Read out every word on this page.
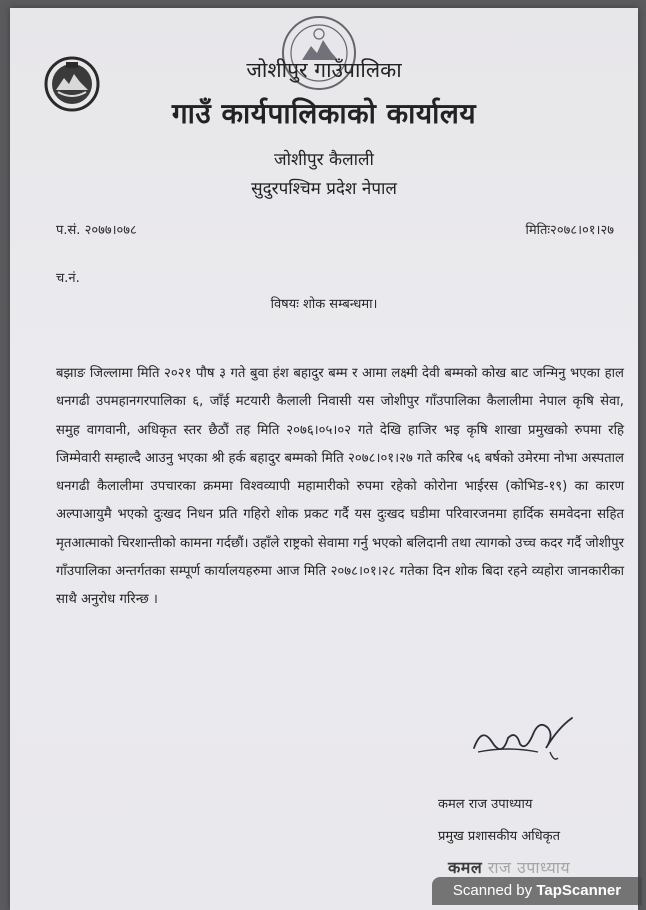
जोशीपुर गाउँपालिका
गाउँ कार्यपालिकाको कार्यालय
जोशीपुर कैलाली
सुदुरपश्चिम प्रदेश नेपाल
प.सं. २०७७।०७८	मितिः२०७८।०१।२७
च.नं.
विषयः शोक सम्बन्धमा।
बझाङ जिल्लामा मिति २०२१ पौष ३ गते बुवा हंश बहादुर बम्म र आमा लक्ष्मी देवी बम्मको कोख बाट जन्मिनु भएका हाल धनगढी उपमहानगरपालिका ६, जाँई मटयारी कैलाली निवासी यस जोशीपुर गाँउपालिका कैलालीमा नेपाल कृषि सेवा, समुह वागवानी, अधिकृत स्तर छैठौं तह मिति २०७६।०५।०२ गते देखि हाजिर भइ कृषि शाखा प्रमुखको रुपमा रहि जिम्मेवारी सम्हाल्दै आउनु भएका श्री हर्क बहादुर बम्मको मिति २०७८।०१।२७ गते करिब ५६ बर्षको उमेरमा नोभा अस्पताल धनगढी कैलालीमा उपचारका क्रममा विश्वव्यापी महामारीको रुपमा रहेको कोरोना भाईरस (कोभिड-१९) का कारण अल्पाआयुमै भएको दुःखद निधन प्रति गहिरो शोक प्रकट गर्दै यस दुःखद घडीमा परिवारजनमा हार्दिक समवेदना सहित मृतआत्माको चिरशान्तीको कामना गर्दछौं। उहाँले राष्ट्रको सेवामा गर्नु भएको बलिदानी तथा त्यागको उच्च कदर गर्दै जोशीपुर गाँउपालिका अन्तर्गतका सम्पूर्ण कार्यालयहरुमा आज मिति २०७८।०१।२८ गतेका दिन शोक बिदा रहने व्यहोरा जानकारीका साथै अनुरोध गरिन्छ ।
कमल राज उपाध्याय
प्रमुख प्रशासकीय अधिकृत
कमल राज उपाध्याय
Scanned by TapScanner
